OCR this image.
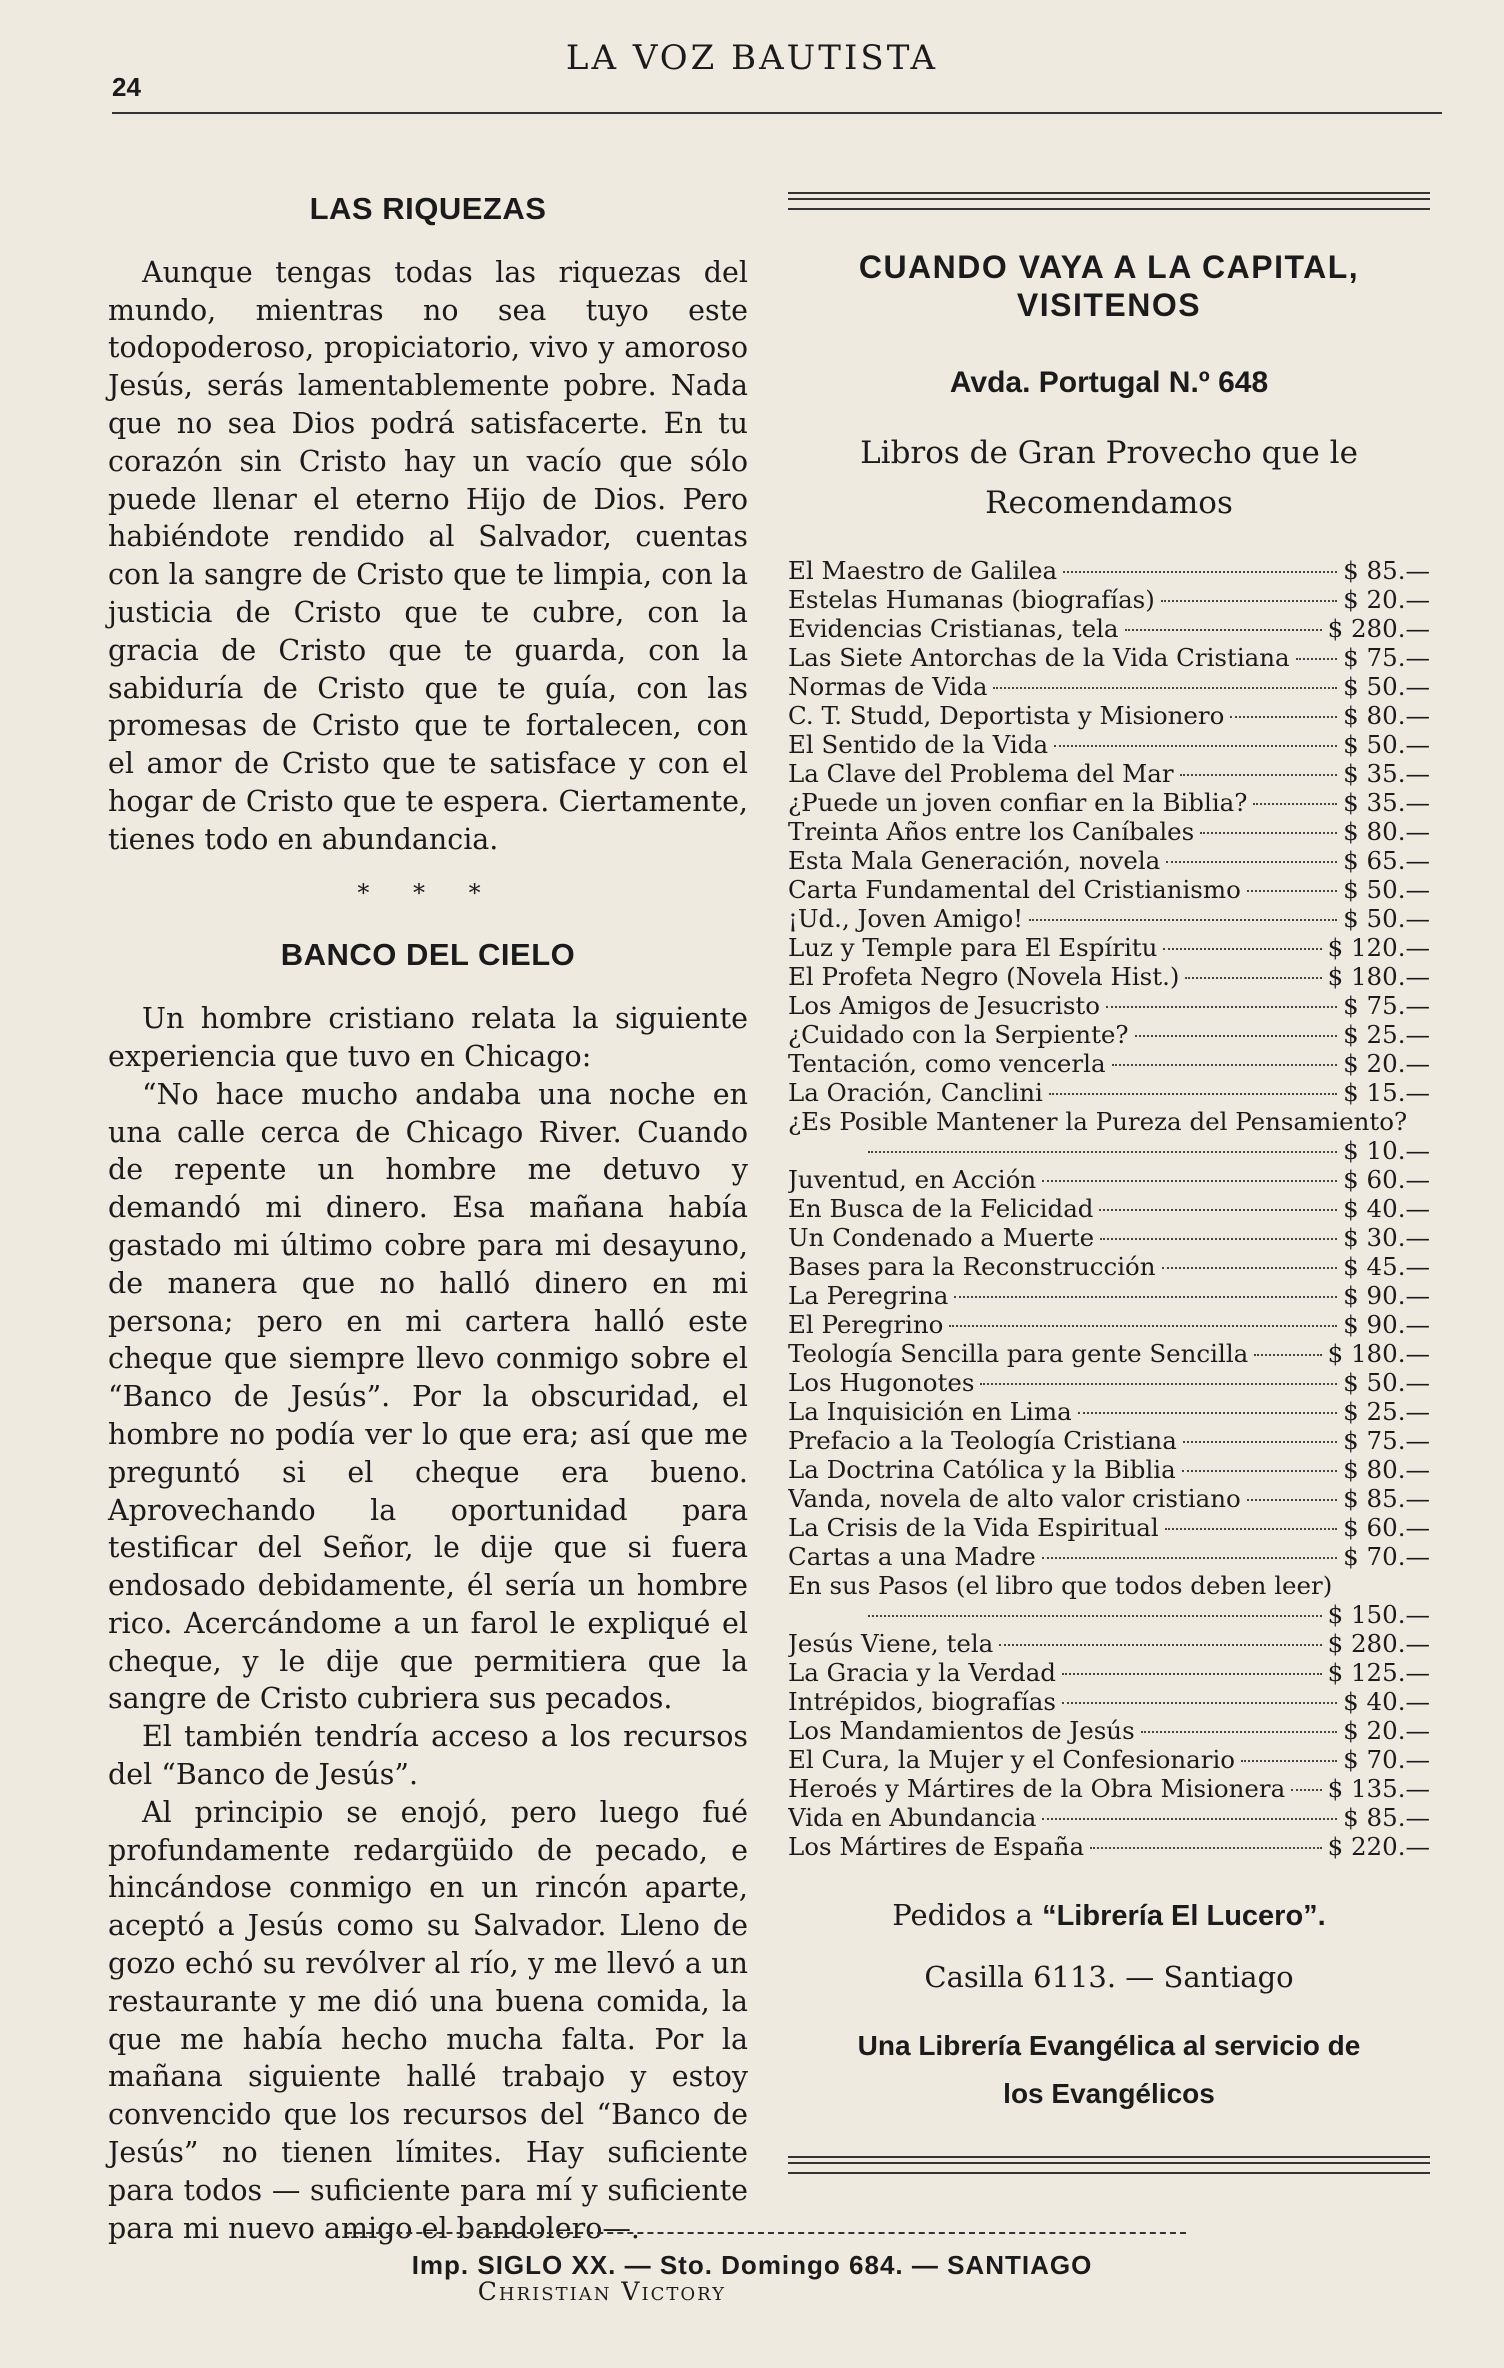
24
LA VOZ BAUTISTA
LAS RIQUEZAS

Aunque tengas todas las riquezas del mundo, mientras no sea tuyo este todopoderoso, propiciatorio, vivo y amoroso Jesús, serás lamentablemente pobre. Nada que no sea Dios podrá satisfacerte. En tu corazón sin Cristo hay un vacío que sólo puede llenar el eterno Hijo de Dios. Pero habiéndote rendido al Salvador, cuentas con la sangre de Cristo que te limpia, con la justicia de Cristo que te cubre, con la gracia de Cristo que te guarda, con la sabiduría de Cristo que te guía, con las promesas de Cristo que te fortalecen, con el amor de Cristo que te satisface y con el hogar de Cristo que te espera. Ciertamente, tienes todo en abundancia.

* * *
BANCO DEL CIELO

Un hombre cristiano relata la siguiente experiencia que tuvo en Chicago:

“No hace mucho andaba una noche en una calle cerca de Chicago River. Cuando de repente un hombre me detuvo y demandó mi dinero. Esa mañana había gastado mi último cobre para mi desayuno, de manera que no halló dinero en mi persona; pero en mi cartera halló este cheque que siempre llevo conmigo sobre el “Banco de Jesús”. Por la obscuridad, el hombre no podía ver lo que era; así que me preguntó si el cheque era bueno. Aprovechando la oportunidad para testificar del Señor, le dije que si fuera endosado debidamente, él sería un hombre rico. Acercándome a un farol le expliqué el cheque, y le dije que permitiera que la sangre de Cristo cubriera sus pecados.

El también tendría acceso a los recursos del “Banco de Jesús”.

Al principio se enojó, pero luego fué profundamente redargüido de pecado, e hincándose conmigo en un rincón aparte, aceptó a Jesús como su Salvador. Lleno de gozo echó su revólver al río, y me llevó a un restaurante y me dió una buena comida, la que me había hecho mucha falta. Por la mañana siguiente hallé trabajo y estoy convencido que los recursos del “Banco de Jesús” no tienen límites. Hay suficiente para todos — suficiente para mí y suficiente para mi nuevo amigo el bandolero—.

Christian Victory
CUANDO VAYA A LA CAPITAL, VISITENOS
Avda. Portugal N.º 648
Libros de Gran Provecho que le
Recomendamos
El Maestro de Galilea	$ 85.—
Estelas Humanas (biografías)	$ 20.—
Evidencias Cristianas, tela	$ 280.—
Las Siete Antorchas de la Vida Cristiana $ 75.—
Normas de Vida	$ 50.—
C. T. Studd, Deportista y Misionero	$ 80.—
El Sentido de la Vida	$ 50.—
La Clave del Problema del Mar	$ 35.—
¿Puede un joven confiar en la Biblia?	$ 35.—
Treinta Años entre los Caníbales	$ 80.—
Esta Mala Generación, novela	$ 65.—
Carta Fundamental del Cristianismo	$ 50.—
¡Ud., Joven Amigo!	$ 50.—
Luz y Temple para El Espíritu	$ 120.—
El Profeta Negro (Novela Hist.)	$ 180.—
Los Amigos de Jesucristo	$ 75.—
¿Cuidado con la Serpiente?	$ 25.—
Tentación, como vencerla	$ 20.—
La Oración, Canclini	$ 15.—
¿Es Posible Mantener la Pureza del Pensamiento?
$ 10.—
Juventud, en Acción	$ 60.—
En Busca de la Felicidad	$ 40.—
Un Condenado a Muerte	$ 30.—
Bases para la Reconstrucción	$ 45.—
La Peregrina	$ 90.—
El Peregrino	$ 90.—
Teología Sencilla para gente Sencilla	$ 180.—
Los Hugonotes	$ 50.—
La Inquisición en Lima	$ 25.—
Prefacio a la Teología Cristiana	$ 75.—
La Doctrina Católica y la Biblia	$ 80.—
Vanda, novela de alto valor cristiano	$ 85.—
La Crisis de la Vida Espiritual	$ 60.—
Cartas a una Madre	$ 70.—
En sus Pasos (el libro que todos deben leer)
$ 150.—
Jesús Viene, tela	$ 280.—
La Gracia y la Verdad	$ 125.—
Intrépidos, biografías	$ 40.—
Los Mandamientos de Jesús	$ 20.—
El Cura, la Mujer y el Confesionario	$ 70.—
Heroés y Mártires de la Obra Misionera $ 135.—
Vida en Abundancia	$ 85.—
Los Mártires de España	$ 220.—
Pedidos a “Librería El Lucero”.
Casilla 6113. — Santiago
Una Librería Evangélica al servicio de
los Evangélicos
Imp. SIGLO XX. — Sto. Domingo 684. — SANTIAGO
